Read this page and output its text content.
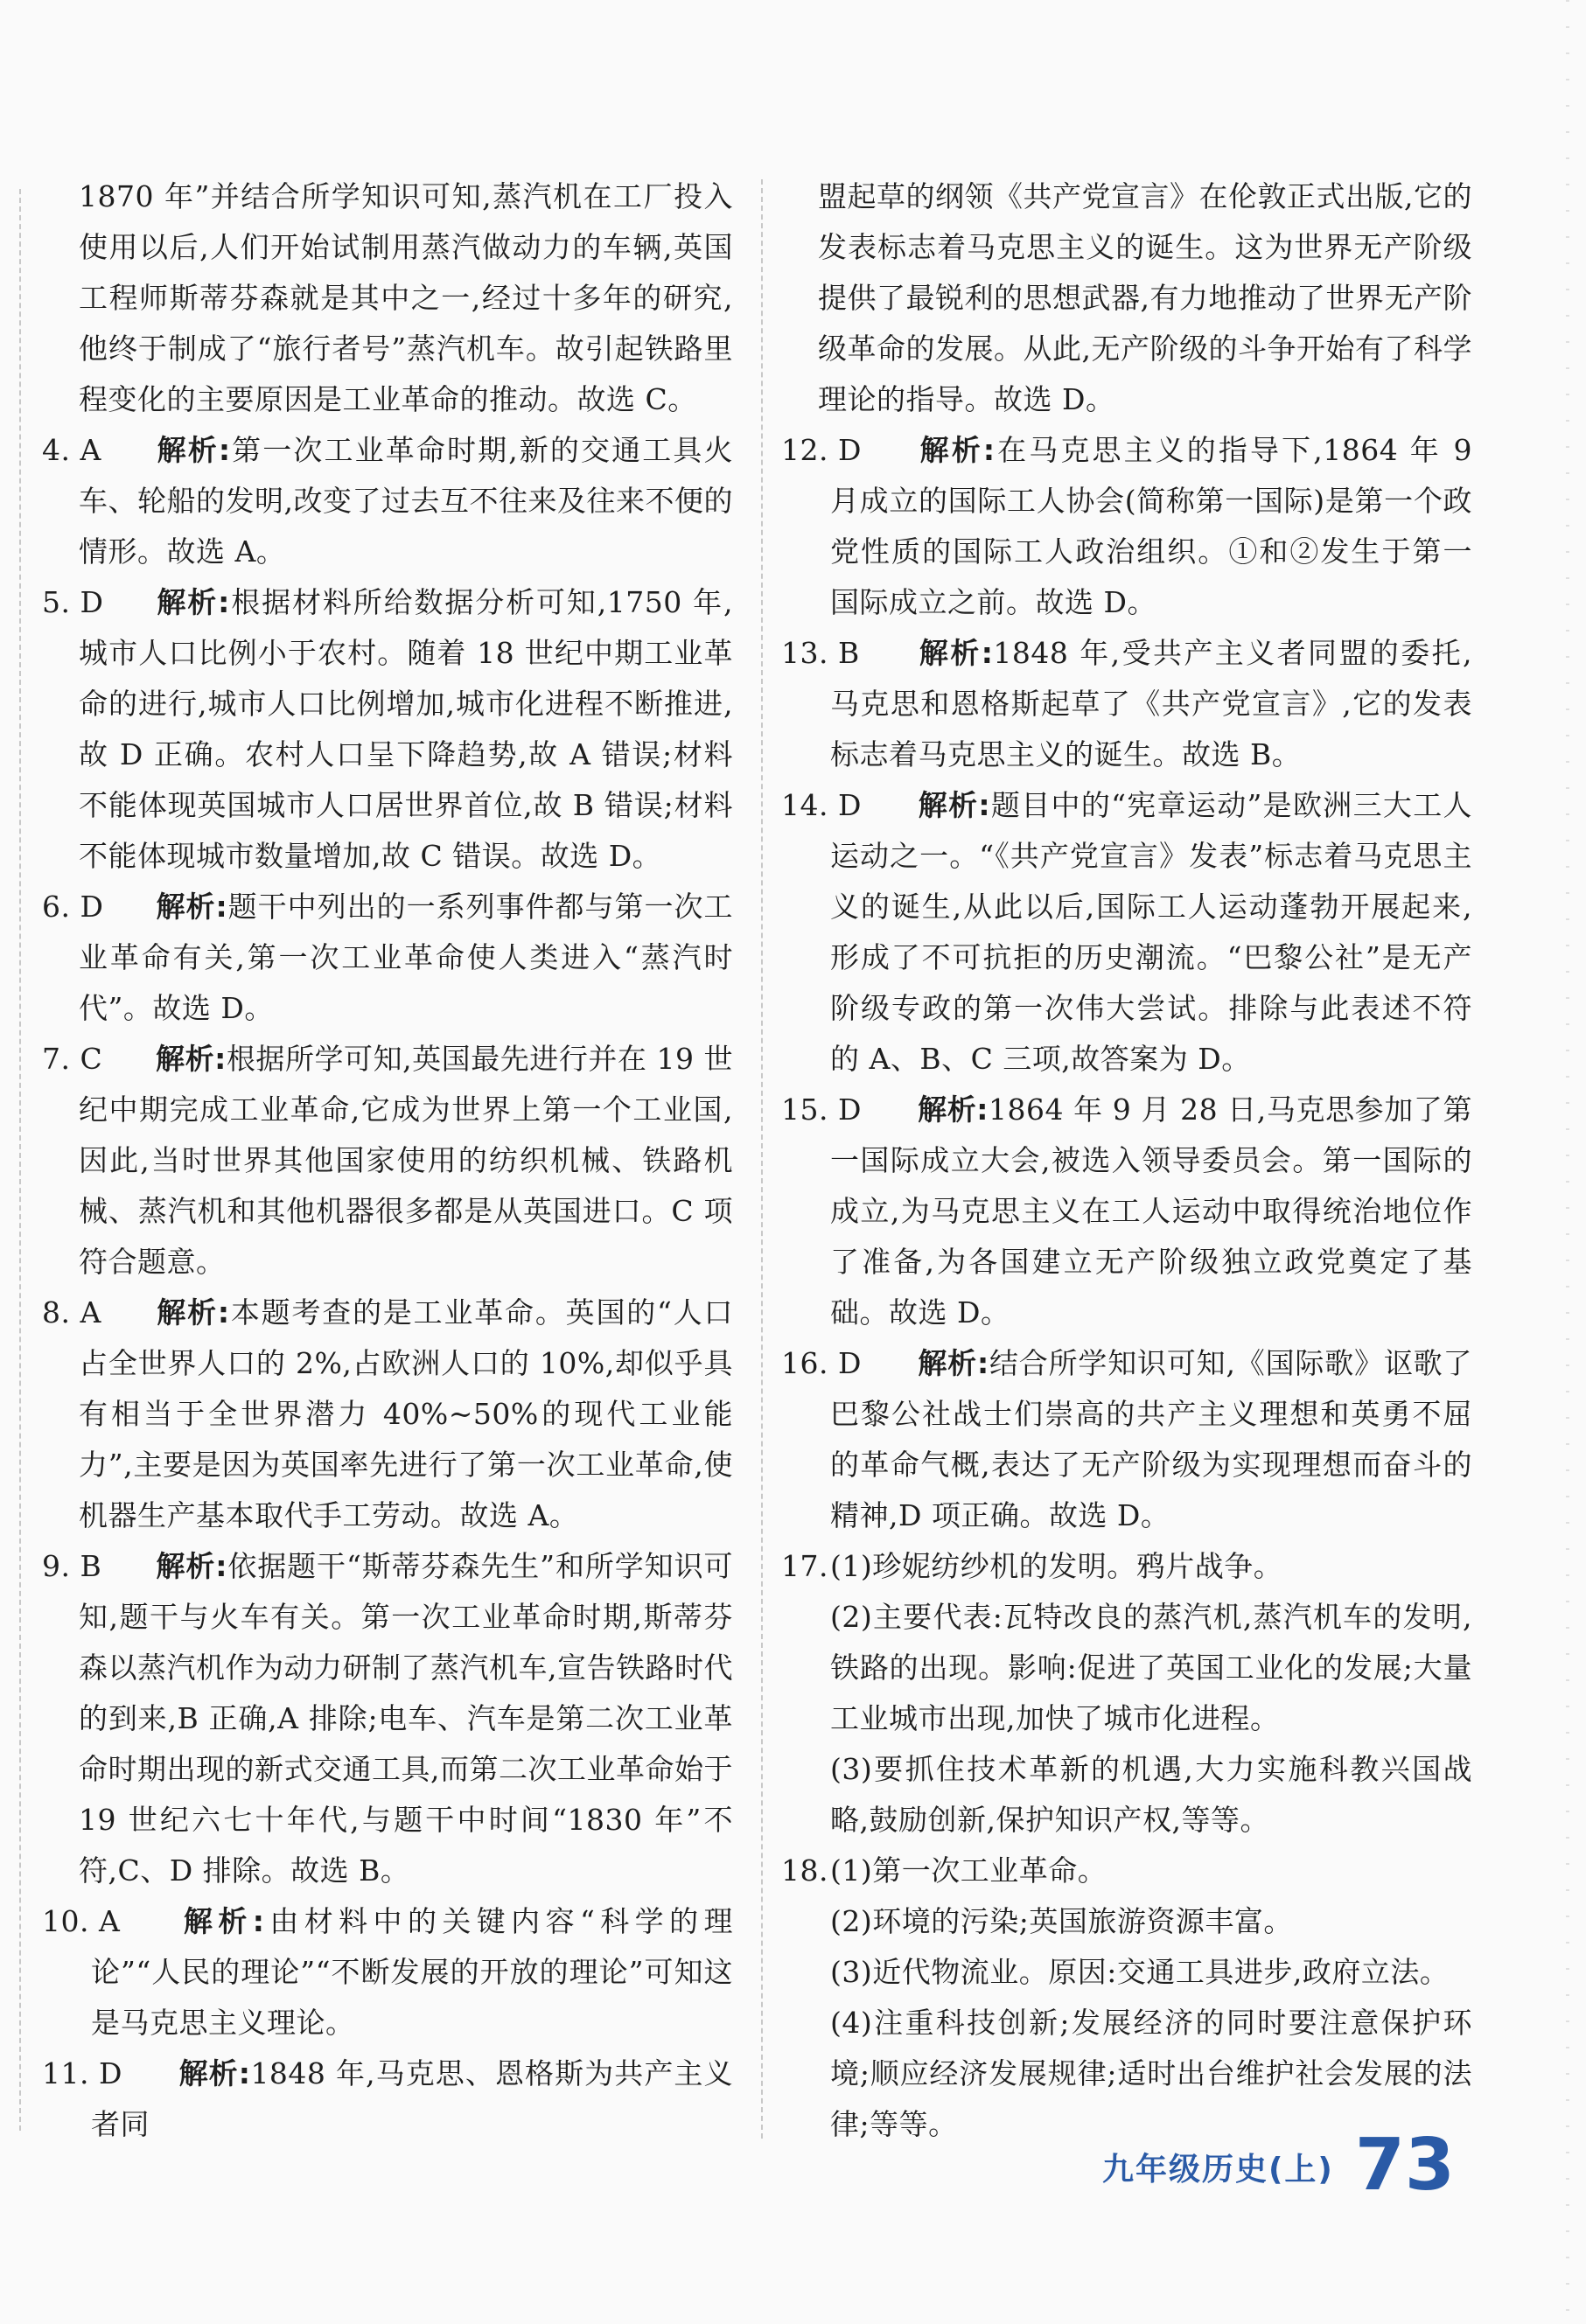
1870 年”并结合所学知识可知,蒸汽机在工厂投入使用以后,人们开始试制用蒸汽做动力的车辆,英国工程师斯蒂芬森就是其中之一,经过十多年的研究,他终于制成了“旅行者号”蒸汽机车。故引起铁路里程变化的主要原因是工业革命的推动。故选 C。
4. A	解析:第一次工业革命时期,新的交通工具火车、轮船的发明,改变了过去互不往来及往来不便的情形。故选 A。
5. D	解析:根据材料所给数据分析可知,1750 年,城市人口比例小于农村。随着 18 世纪中期工业革命的进行,城市人口比例增加,城市化进程不断推进,故 D 正确。农村人口呈下降趋势,故 A 错误;材料不能体现英国城市人口居世界首位,故 B 错误;材料不能体现城市数量增加,故 C 错误。故选 D。
6. D	解析:题干中列出的一系列事件都与第一次工业革命有关,第一次工业革命使人类进入“蒸汽时代”。故选 D。
7. C	解析:根据所学可知,英国最先进行并在 19 世纪中期完成工业革命,它成为世界上第一个工业国,因此,当时世界其他国家使用的纺织机械、铁路机械、蒸汽机和其他机器很多都是从英国进口。C 项符合题意。
8. A	解析:本题考查的是工业革命。英国的“人口占全世界人口的 2%,占欧洲人口的 10%,却似乎具有相当于全世界潜力 40%~50%的现代工业能力”,主要是因为英国率先进行了第一次工业革命,使机器生产基本取代手工劳动。故选 A。
9. B	解析:依据题干“斯蒂芬森先生”和所学知识可知,题干与火车有关。第一次工业革命时期,斯蒂芬森以蒸汽机作为动力研制了蒸汽机车,宣告铁路时代的到来,B 正确,A 排除;电车、汽车是第二次工业革命时期出现的新式交通工具,而第二次工业革命始于 19 世纪六七十年代,与题干中时间“1830 年”不符,C、D 排除。故选 B。
10. A	解析:由材料中的关键内容“科学的理论”“人民的理论”“不断发展的开放的理论”可知这是马克思主义理论。
11. D	解析:1848 年,马克思、恩格斯为共产主义者同
盟起草的纲领《共产党宣言》在伦敦正式出版,它的发表标志着马克思主义的诞生。这为世界无产阶级提供了最锐利的思想武器,有力地推动了世界无产阶级革命的发展。从此,无产阶级的斗争开始有了科学理论的指导。故选 D。
12. D	解析:在马克思主义的指导下,1864 年 9 月成立的国际工人协会(简称第一国际)是第一个政党性质的国际工人政治组织。①和②发生于第一国际成立之前。故选 D。
13. B	解析:1848 年,受共产主义者同盟的委托,马克思和恩格斯起草了《共产党宣言》,它的发表标志着马克思主义的诞生。故选 B。
14. D	解析:题目中的“宪章运动”是欧洲三大工人运动之一。“《共产党宣言》发表”标志着马克思主义的诞生,从此以后,国际工人运动蓬勃开展起来,形成了不可抗拒的历史潮流。“巴黎公社”是无产阶级专政的第一次伟大尝试。排除与此表述不符的 A、B、C 三项,故答案为 D。
15. D	解析:1864 年 9 月 28 日,马克思参加了第一国际成立大会,被选入领导委员会。第一国际的成立,为马克思主义在工人运动中取得统治地位作了准备,为各国建立无产阶级独立政党奠定了基础。故选 D。
16. D	解析:结合所学知识可知,《国际歌》讴歌了巴黎公社战士们崇高的共产主义理想和英勇不屈的革命气概,表达了无产阶级为实现理想而奋斗的精神,D 项正确。故选 D。
17. (1)珍妮纺纱机的发明。鸦片战争。
(2)主要代表:瓦特改良的蒸汽机,蒸汽机车的发明,铁路的出现。影响:促进了英国工业化的发展;大量工业城市出现,加快了城市化进程。
(3)要抓住技术革新的机遇,大力实施科教兴国战略,鼓励创新,保护知识产权,等等。
18. (1)第一次工业革命。
(2)环境的污染;英国旅游资源丰富。
(3)近代物流业。原因:交通工具进步,政府立法。
(4)注重科技创新;发展经济的同时要注意保护环境;顺应经济发展规律;适时出台维护社会发展的法律;等等。
九年级历史(上) 73
